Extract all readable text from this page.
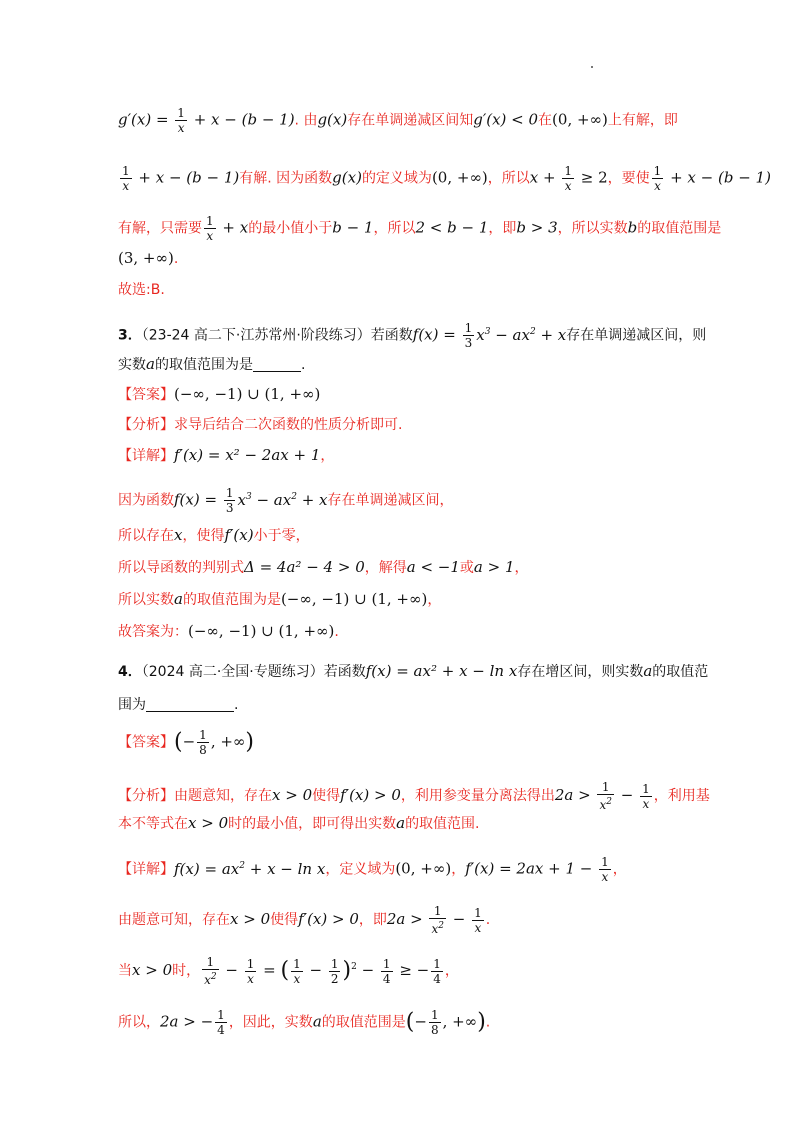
$g'(x) = \frac{1}{x} + x - (b - 1)$. 由g(x)存在单调递减区间知g′(x) < 0在(0, +∞)上有解，即
$\frac{1}{x} + x - (b - 1)$有解. 因为函数g(x)的定义域为(0, +∞)，所以$x + \frac{1}{x} \ge 2$，要使 $\frac{1}{x} + x - (b - 1)$
有解，只需要 $\frac{1}{x} + x$的最小值小于b − 1，所以2 < b − 1，即b > 3，所以实数b的取值范围是
(3, +∞).
故选:B.
3．（23-24 高二下·江苏常州·阶段练习）若函数$f(x) = \frac{1}{3} x^3 - ax^2 + x$存在单调递减区间，则
实数a的取值范围为是	.
【答案】(−∞, −1) ∪ (1, +∞)
【分析】求导后结合二次函数的性质分析即可.
【详解】f′(x) = x² − 2ax + 1，
因为函数$f(x) = \frac{1}{3} x^3 - ax^2 + x$存在单调递减区间，
所以存在x，使得f′(x)小于零，
所以导函数的判别式Δ = 4a² − 4 > 0，解得a < −1或a > 1，
所以实数a的取值范围为是(−∞, −1) ∪ (1, +∞)，
故答案为：(−∞, −1) ∪ (1, +∞).
4．（2024 高二·全国·专题练习）若函数f(x) = ax² + x − ln x存在增区间，则实数a的取值范
围为	.
【答案】(− $\frac{1}{8}$ , +∞)
【分析】由题意知，存在x > 0使得f′(x) > 0，利用参变量分离法得出$2a > \frac{1}{x^2} - \frac{1}{x}$ ，利用基
本不等式在x > 0时的最小值，即可得出实数a的取值范围.
【详解】$f(x) = ax^2 + x - \ln x$，定义域为(0, +∞)，$f'(x) = 2ax + 1 - \frac{1}{x}$ ，
由题意可知，存在x > 0使得f′(x) > 0，即$2a > \frac{1}{x^2} - \frac{1}{x}$ .
当x > 0时， $\frac{1}{x^2} - \frac{1}{x}$ = ( $\frac{1}{x} - \frac{1}{2} )^2 - \frac{1}{4}$ ≥ − $\frac{1}{4}$ ，
所以，2a > − $\frac{1}{4}$ ，因此，实数a的取值范围是(− $\frac{1}{8}$ , +∞).
